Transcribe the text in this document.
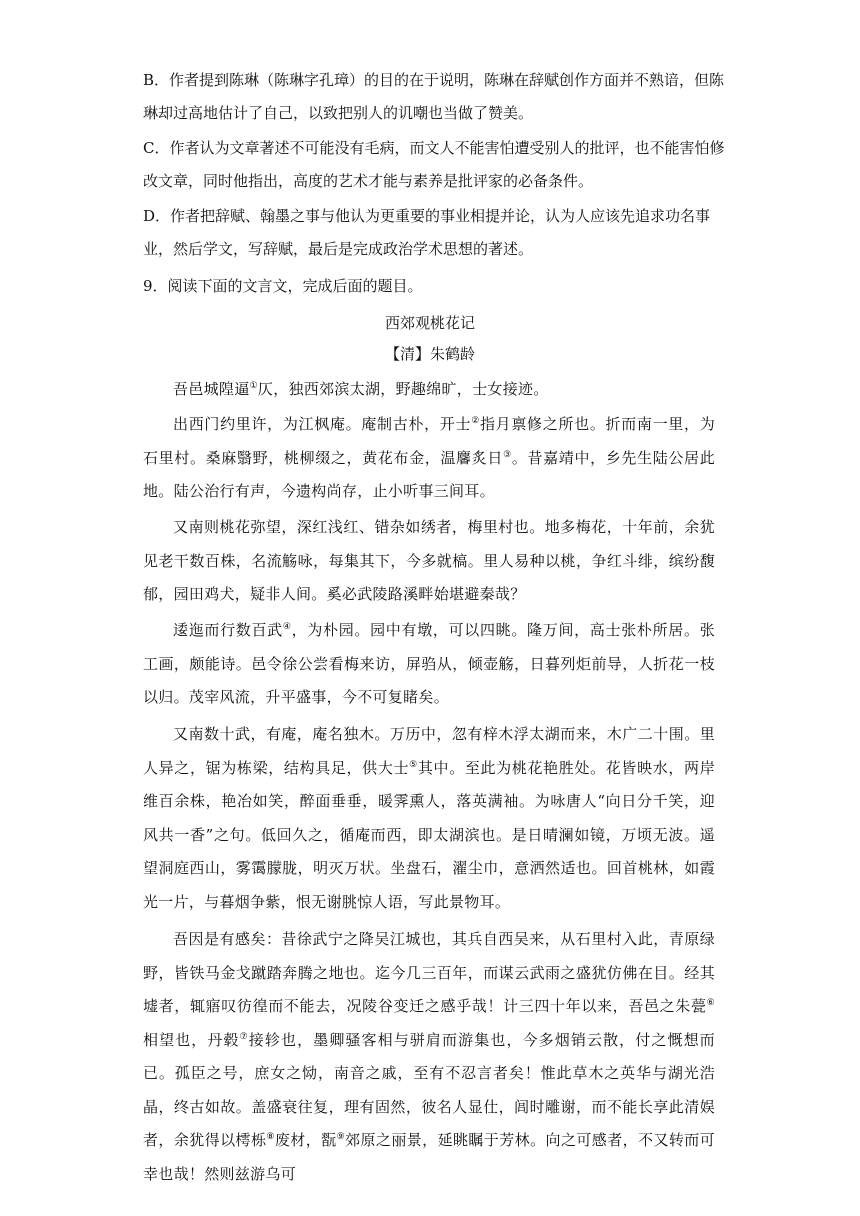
B．作者提到陈琳（陈琳字孔璋）的目的在于说明，陈琳在辞赋创作方面并不熟谙，但陈琳却过高地估计了自己，以致把别人的讥嘲也当做了赞美。
C．作者认为文章著述不可能没有毛病，而文人不能害怕遭受别人的批评，也不能害怕修改文章，同时他指出，高度的艺术才能与素养是批评家的必备条件。
D．作者把辞赋、翰墨之事与他认为更重要的事业相提并论，认为人应该先追求功名事业，然后学文，写辞赋，最后是完成政治学术思想的著述。
9．阅读下面的文言文，完成后面的题目。
西郊观桃花记
【清】朱鹤龄
吾邑城隍逼①仄，独西郊滨太湖，野趣绵旷，士女接迹。
出西门约里许，为江枫庵。庵制古朴，开士②指月禀修之所也。折而南一里，为石里村。桑麻翳野，桃柳缀之，黄花布金，温麘炙日③。昔嘉靖中，乡先生陆公居此地。陆公治行有声，今遗构尚存，止小听事三间耳。
又南则桃花弥望，深红浅红、错杂如绣者，梅里村也。地多梅花，十年前，余犹见老干数百株，名流觞咏，每集其下，今多就槁。里人易种以桃，争红斗绯，缤纷馥郁，园田鸡犬，疑非人间。奚必武陵路溪畔始堪避秦哉？
逶迤而行数百武④，为朴园。园中有墩，可以四眺。隆万间，高士张朴所居。张工画，颇能诗。邑令徐公尝看梅来访，屏驺从，倾壶觞，日暮列炬前导，人折花一枝以归。茂宰风流，升平盛事，今不可复睹矣。
又南数十武，有庵，庵名独木。万历中，忽有梓木浮太湖而来，木广二十围。里人异之，锯为栋梁，结构具足，供大士⑤其中。至此为桃花艳胜处。花皆映水，两岸维百余株，艳冶如笑，醉面垂垂，暖霁熏人，落英满袖。为咏唐人“向日分千笑，迎风共一香”之句。低回久之，循庵而西，即太湖滨也。是日晴澜如镜，万顷无波。遥望洞庭西山，雾霭朦胧，明灭万状。坐盘石，濯尘巾，意洒然适也。回首桃林，如霞光一片，与暮烟争紫，恨无谢朓惊人语，写此景物耳。
吾因是有感矣：昔徐武宁之降吴江城也，其兵自西吴来，从石里村入此，青原绿野，皆铁马金戈蹴踏奔腾之地也。迄今几三百年，而谋云武雨之盛犹仿佛在目。经其墟者，辄寤叹彷徨而不能去，况陵谷变迁之感乎哉！计三四十年以来，吾邑之朱甍⑥相望也，丹毂⑦接轸也，墨卿骚客相与骈肩而游集也，今多烟销云散，付之慨想而已。孤臣之号，庶女之恸，南音之戚，至有不忍言者矣！惟此草木之英华与湖光浩晶，终古如故。盖盛衰往复，理有固然，彼名人显仕，闾时雕谢，而不能长享此清娱者，余犹得以樗栎⑧废材，翫⑨郊原之丽景，延眺瞩于芳林。向之可感者，不又转而可幸也哉！然则兹游乌可
